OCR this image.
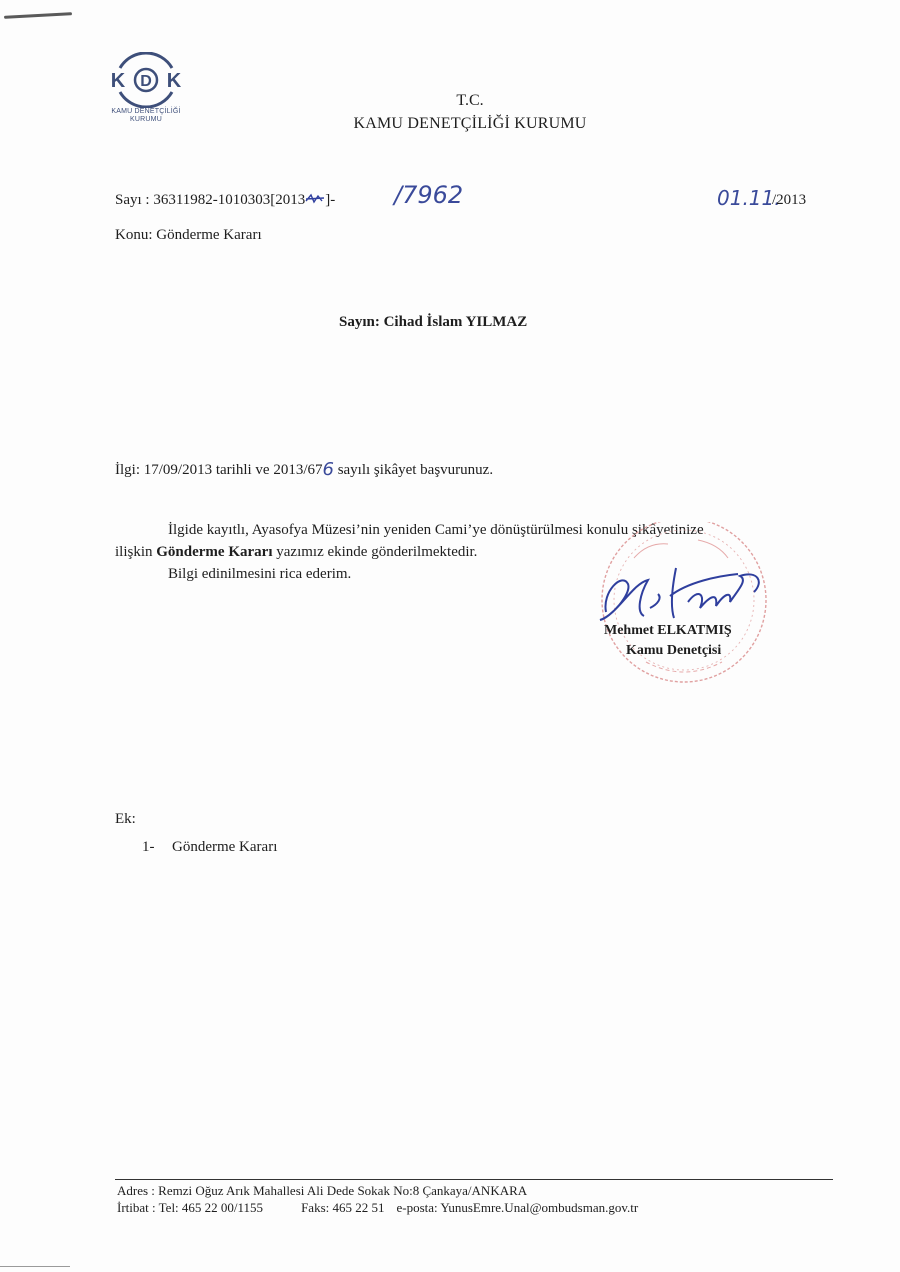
K D K
KAMU DENETÇİLİĞİ
KURUMU
T.C.
KAMU DENETÇİLİĞİ KURUMU
Sayı : 36311982-1010303[2013 ]- /7962	01.11.
/2013
Konu: Gönderme Kararı
Sayın: Cihad İslam YILMAZ
İlgi: 17/09/2013 tarihli ve 2013/676 sayılı şikâyet başvurunuz.

İlgide kayıtlı, Ayasofya Müzesi’nin yeniden Cami’ye dönüştürülmesi konulu şikâyetinize

ilişkin Gönderme Kararı yazımız ekinde gönderilmektedir.

Bilgi edinilmesini rica ederim.

Mehmet ELKATMIŞ
Kamu Denetçisi
Ek:
1- Gönderme Kararı
Adres : Remzi Oğuz Arık Mahallesi Ali Dede Sokak No:8 Çankaya/ANKARA
İrtibat : Tel: 465 22 00/1155	Faks: 465 22 51 e-posta: YunusEmre.Unal@ombudsman.gov.tr
